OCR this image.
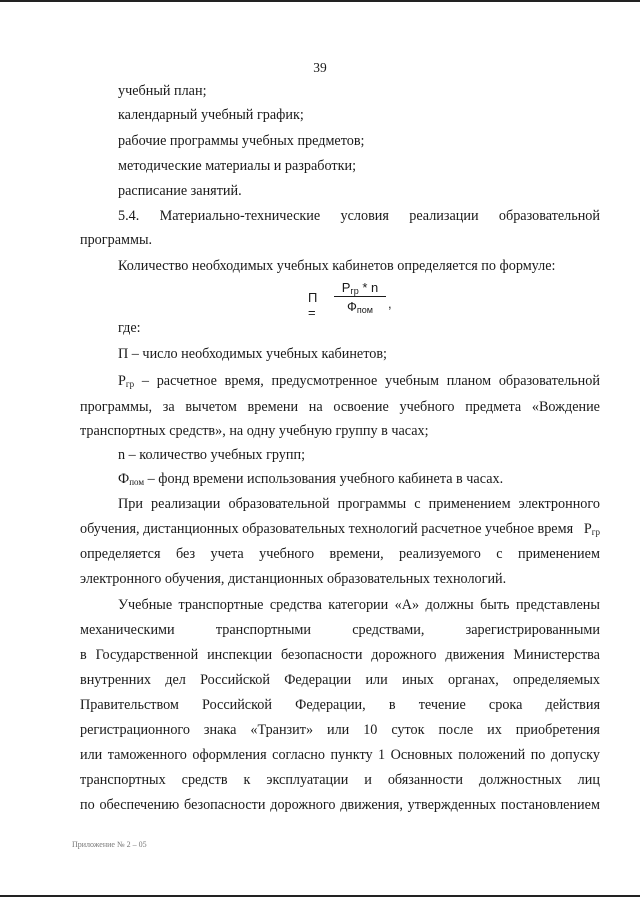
39
учебный план;
календарный учебный график;
рабочие программы учебных предметов;
методические материалы и разработки;
расписание занятий.
5.4. Материально-технические условия реализации образовательной
программы.
Количество необходимых учебных кабинетов определяется по формуле:
П =
$P_{гр}$ * n
$Ф_{пом}$	,
где:
П – число необходимых учебных кабинетов;
$P_{гр}$ – расчетное время, предусмотренное учебным планом образовательной
программы, за вычетом времени на освоение учебного предмета «Вождение
транспортных средств», на одну учебную группу в часах;
n – количество учебных групп;
$Ф_{пом}$ – фонд времени использования учебного кабинета в часах.
При реализации образовательной программы с применением электронного
обучения, дистанционных образовательных технологий расчетное учебное время $P_{гр}$
определяется без учета учебного времени, реализуемого с применением
электронного обучения, дистанционных образовательных технологий.
Учебные транспортные средства категории «А» должны быть представлены
механическими	транспортными	средствами,	зарегистрированными
в Государственной инспекции безопасности дорожного движения Министерства
внутренних дел Российской Федерации или иных органах, определяемых
Правительством Российской Федерации, в течение срока действия
регистрационного знака «Транзит» или 10 суток после их приобретения
или таможенного оформления согласно пункту 1 Основных положений по допуску
транспортных средств к эксплуатации и обязанности должностных лиц
по обеспечению безопасности дорожного движения, утвержденных постановлением
Приложение № 2 – 05
